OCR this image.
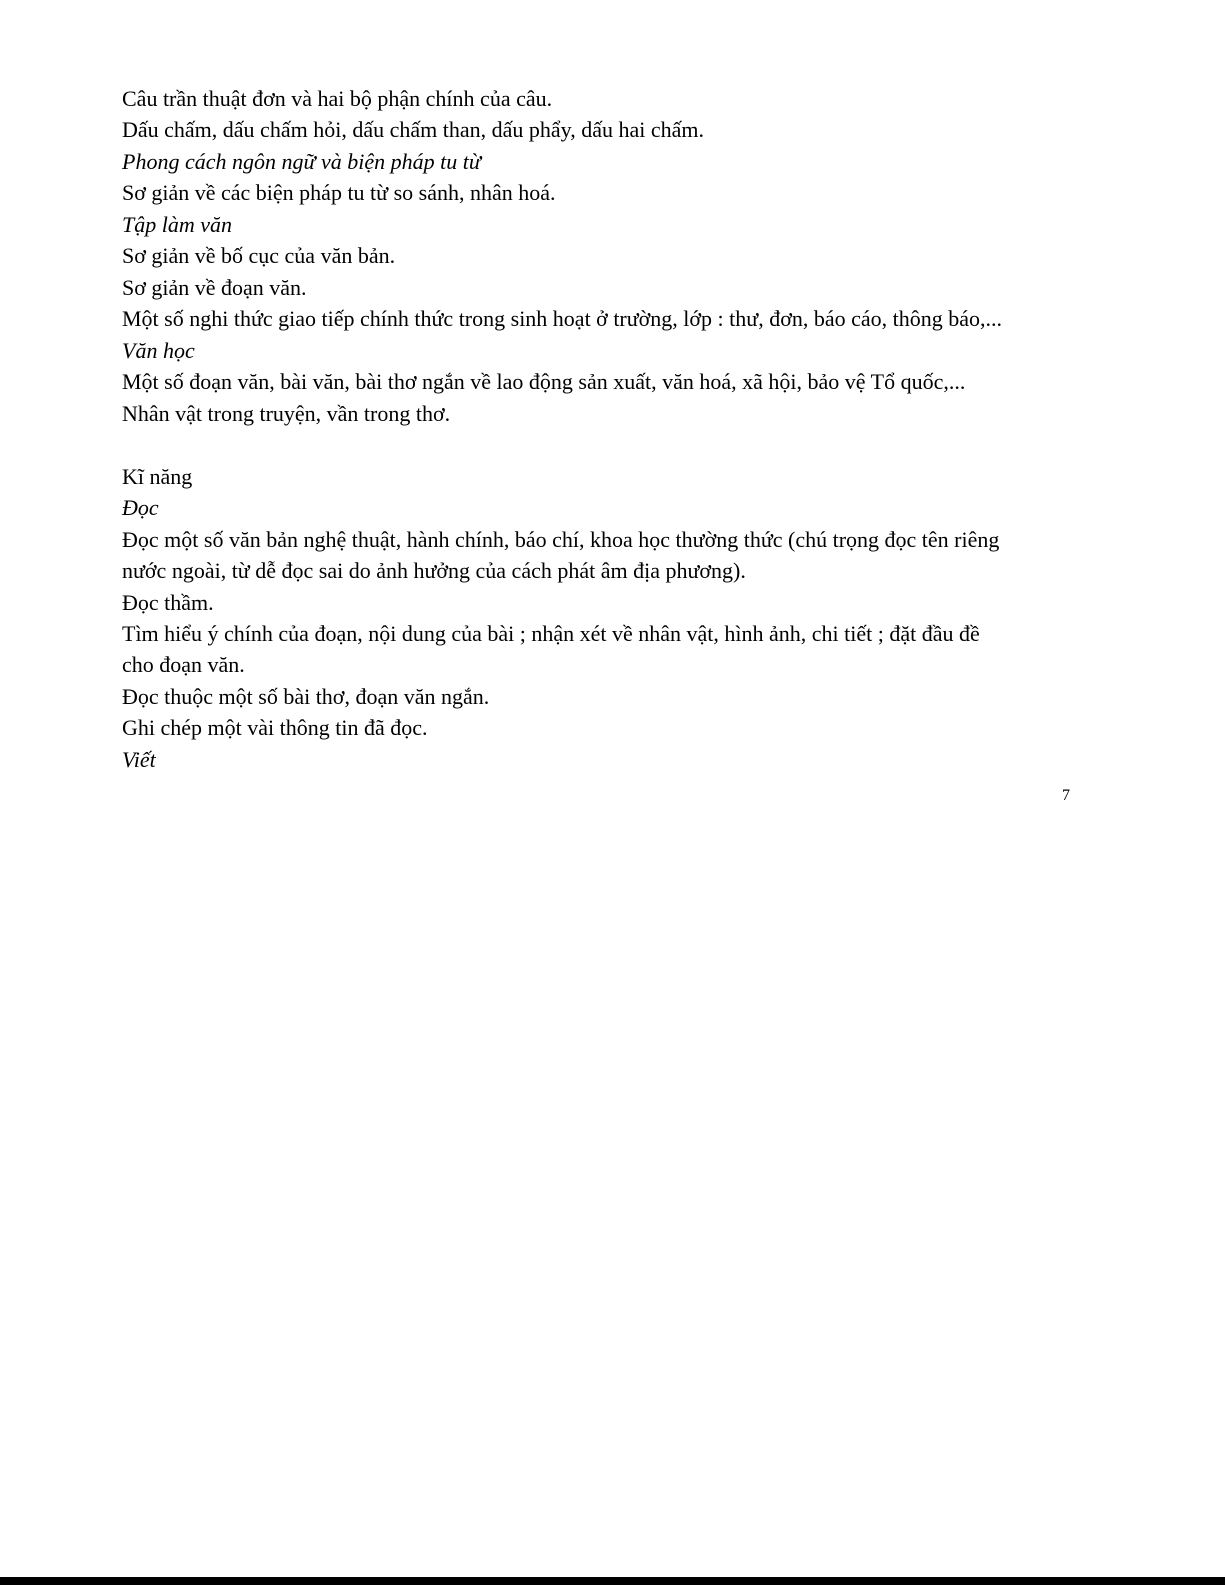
Câu trần thuật đơn và hai bộ phận chính của câu.
Dấu chấm, dấu chấm hỏi, dấu chấm than, dấu phẩy, dấu hai chấm.
Phong cách ngôn ngữ và biện pháp tu từ
Sơ giản về các biện pháp tu từ so sánh, nhân hoá.
Tập làm văn
Sơ giản về bố cục của văn bản.
Sơ giản về đoạn văn.
Một số nghi thức giao tiếp chính thức trong sinh hoạt ở trường, lớp : thư, đơn, báo cáo, thông báo,...
Văn học
Một số đoạn văn, bài văn, bài thơ ngắn về lao động sản xuất, văn hoá, xã hội, bảo vệ Tổ quốc,...
Nhân vật trong truyện, vần trong thơ.
Kĩ năng
Đọc
Đọc một số văn bản nghệ thuật, hành chính, báo chí, khoa học thường thức (chú trọng đọc tên riêng
nước ngoài, từ dễ đọc sai do ảnh hưởng của cách phát âm địa phương).
Đọc thầm.
Tìm hiểu ý chính của đoạn, nội dung của bài ; nhận xét về nhân vật, hình ảnh, chi tiết ; đặt đầu đề
cho đoạn văn.
Đọc thuộc một số bài thơ, đoạn văn ngắn.
Ghi chép một vài thông tin đã đọc.
Viết
7
